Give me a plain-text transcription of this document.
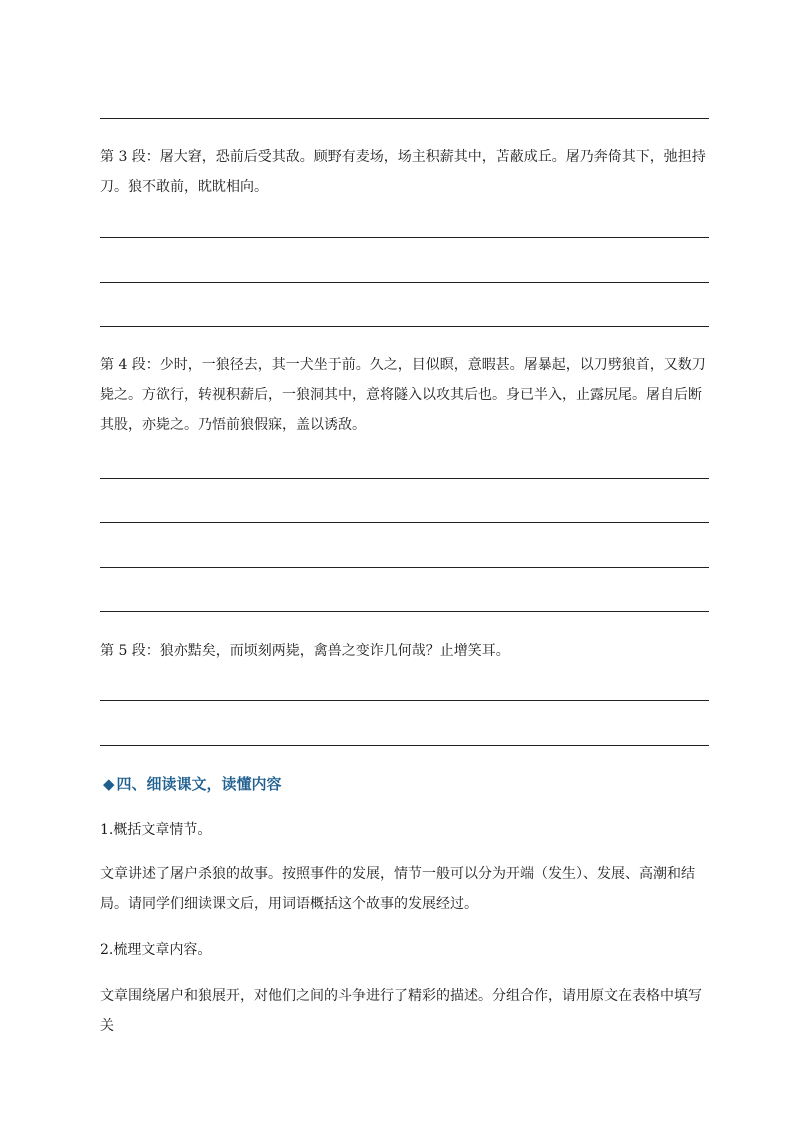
第 3 段：屠大窘，恐前后受其敌。顾野有麦场，场主积薪其中，苫蔽成丘。屠乃奔倚其下，弛担持刀。狼不敢前，眈眈相向。

第 4 段：少时，一狼径去，其一犬坐于前。久之，目似瞑，意暇甚。屠暴起，以刀劈狼首，又数刀毙之。方欲行，转视积薪后，一狼洞其中，意将隧入以攻其后也。身已半入，止露尻尾。屠自后断其股，亦毙之。乃悟前狼假寐，盖以诱敌。

第 5 段：狼亦黠矣，而顷刻两毙，禽兽之变诈几何哉？止增笑耳。

◆ 四、细读课文，读懂内容

1.概括文章情节。

文章讲述了屠户杀狼的故事。按照事件的发展，情节一般可以分为开端（发生）、发展、高潮和结局。请同学们细读课文后，用词语概括这个故事的发展经过。

2.梳理文章内容。

文章围绕屠户和狼展开，对他们之间的斗争进行了精彩的描述。分组合作，请用原文在表格中填写关
